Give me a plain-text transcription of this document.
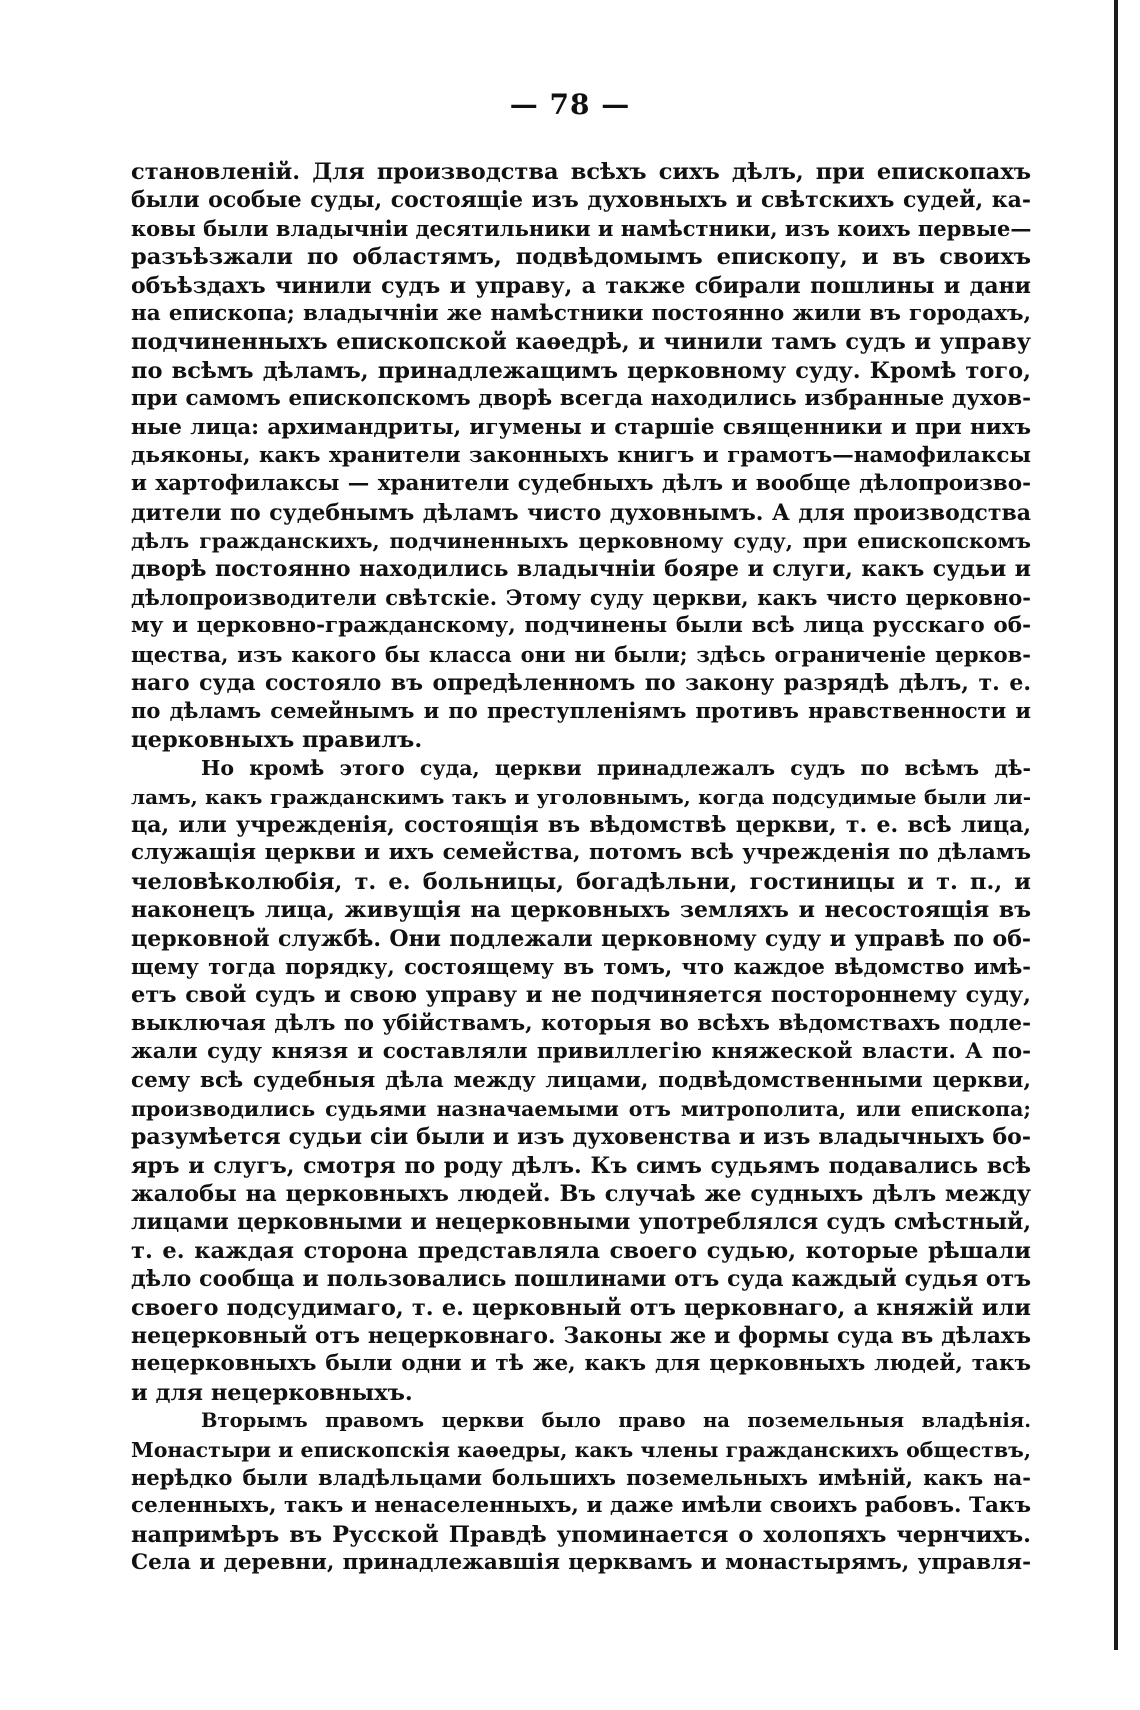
— 78 —
становленій. Для производства всѣхъ сихъ дѣлъ, при епископахъ
были особые суды, состоящіе изъ духовныхъ и свѣтскихъ судей, ка-
ковы были владычніи десятильники и намѣстники, изъ коихъ первые—
разъѣзжали по областямъ, подвѣдомымъ епископу, и въ своихъ
объѣздахъ чинили судъ и управу, а также сбирали пошлины и дани
на епископа; владычніи же намѣстники постоянно жили въ городахъ,
подчиненныхъ епископской каѳедрѣ, и чинили тамъ судъ и управу
по всѣмъ дѣламъ, принадлежащимъ церковному суду. Кромѣ того,
при самомъ епископскомъ дворѣ всегда находились избранные духов-
ные лица: архимандриты, игумены и старшіе священники и при нихъ
дьяконы, какъ хранители законныхъ книгъ и грамотъ—намофилаксы
и хартофилаксы — хранители судебныхъ дѣлъ и вообще дѣлопроизво-
дители по судебнымъ дѣламъ чисто духовнымъ. А для производства
дѣлъ гражданскихъ, подчиненныхъ церковному суду, при епископскомъ
дворѣ постоянно находились владычніи бояре и слуги, какъ судьи и
дѣлопроизводители свѣтскіе. Этому суду церкви, какъ чисто церковно-
му и церковно-гражданскому, подчинены были всѣ лица русскаго об-
щества, изъ какого бы класса они ни были; здѣсь ограниченіе церков-
наго суда состояло въ опредѣленномъ по закону разрядѣ дѣлъ, т. е.
по дѣламъ семейнымъ и по преступленіямъ противъ нравственности и
церковныхъ правилъ.
Но кромѣ этого суда, церкви принадлежалъ судъ по всѣмъ дѣ-
ламъ, какъ гражданскимъ такъ и уголовнымъ, когда подсудимые были ли-
ца, или учрежденія, состоящія въ вѣдомствѣ церкви, т. е. всѣ лица,
служащія церкви и ихъ семейства, потомъ всѣ учрежденія по дѣламъ
человѣколюбія, т. е. больницы, богадѣльни, гостиницы и т. п., и
наконецъ лица, живущія на церковныхъ земляхъ и несостоящія въ
церковной службѣ. Они подлежали церковному суду и управѣ по об-
щему тогда порядку, состоящему въ томъ, что каждое вѣдомство имѣ-
етъ свой судъ и свою управу и не подчиняется постороннему суду,
выключая дѣлъ по убійствамъ, которыя во всѣхъ вѣдомствахъ подле-
жали суду князя и составляли привиллегію княжеской власти. А по-
сему всѣ судебныя дѣла между лицами, подвѣдомственными церкви,
производились судьями назначаемыми отъ митрополита, или епископа;
разумѣется судьи сіи были и изъ духовенства и изъ владычныхъ бо-
яръ и слугъ, смотря по роду дѣлъ. Къ симъ судьямъ подавались всѣ
жалобы на церковныхъ людей. Въ случаѣ же судныхъ дѣлъ между
лицами церковными и нецерковными употреблялся судъ смѣстный,
т. е. каждая сторона представляла своего судью, которые рѣшали
дѣло сообща и пользовались пошлинами отъ суда каждый судья отъ
своего подсудимаго, т. е. церковный отъ церковнаго, а княжій или
нецерковный отъ нецерковнаго. Законы же и формы суда въ дѣлахъ
нецерковныхъ были одни и тѣ же, какъ для церковныхъ людей, такъ
и для нецерковныхъ.
Вторымъ правомъ церкви было право на поземельныя владѣнія.
Монастыри и епископскія каѳедры, какъ члены гражданскихъ обществъ,
нерѣдко были владѣльцами большихъ поземельныхъ имѣній, какъ на-
селенныхъ, такъ и ненаселенныхъ, и даже имѣли своихъ рабовъ. Такъ
напримѣръ въ Русской Правдѣ упоминается о холопяхъ чернчихъ.
Села и деревни, принадлежавшія церквамъ и монастырямъ, управля-
